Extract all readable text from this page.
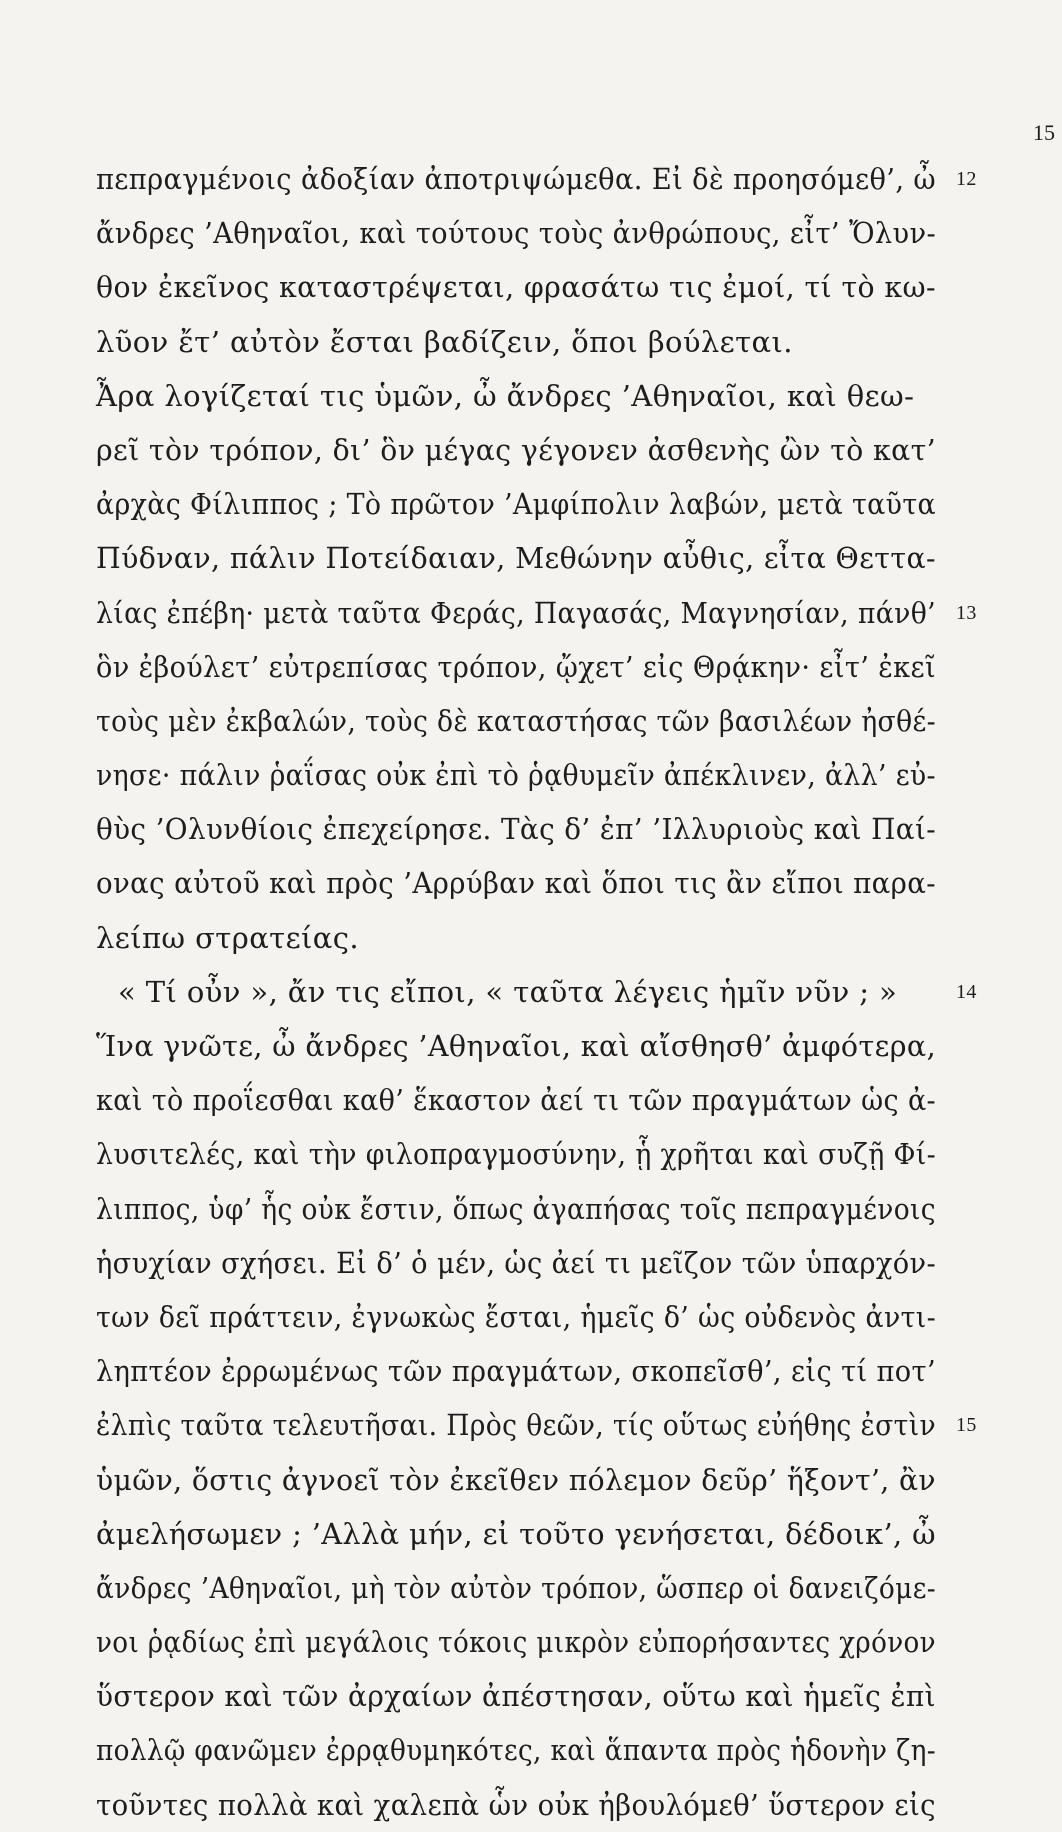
15
πεπραγμένοις ἀδοξίαν ἀποτριψώμεθα. Εἰ δὲ προησόμεθ’, ὦ 12
ἄνδρες ’Αθηναῖοι, καὶ τούτους τοὺς ἀνθρώπους, εἶτ’ Ὄλυν-
θον ἐκεῖνος καταστρέψεται, φρασάτω τις ἐμοί, τί τὸ κω-
λῦον ἔτ’ αὐτὸν ἔσται βαδίζειν, ὅποι βούλεται.
Ἆρα λογίζεταί τις ὑμῶν, ὦ ἄνδρες ’Αθηναῖοι, καὶ θεω-
ρεῖ τὸν τρόπον, δι’ ὃν μέγας γέγονεν ἀσθενὴς ὢν τὸ κατ’
ἀρχὰς Φίλιππος ; Τὸ πρῶτον ’Αμφίπολιν λαβών, μετὰ ταῦτα
Πύδναν, πάλιν Ποτείδαιαν, Μεθώνην αὖθις, εἶτα Θεττα-
λίας ἐπέβη· μετὰ ταῦτα Φεράς, Παγασάς, Μαγνησίαν, πάνθ’ 13
ὃν ἐβούλετ’ εὐτρεπίσας τρόπον, ᾤχετ’ εἰς Θρᾴκην· εἶτ’ ἐκεῖ
τοὺς μὲν ἐκβαλών, τοὺς δὲ καταστήσας τῶν βασιλέων ἠσθέ-
νησε· πάλιν ῥαΐσας οὐκ ἐπὶ τὸ ῥᾳθυμεῖν ἀπέκλινεν, ἀλλ’ εὐ-
θὺς ’Ολυνθίοις ἐπεχείρησε. Τὰς δ’ ἐπ’ ’Ιλλυριοὺς καὶ Παί-
ονας αὐτοῦ καὶ πρὸς ’Αρρύβαν καὶ ὅποι τις ἂν εἴποι παρα-
λείπω στρατείας.
« Τί οὖν », ἄν τις εἴποι, « ταῦτα λέγεις ἡμῖν νῦν ; »	14
Ἵνα γνῶτε, ὦ ἄνδρες ’Αθηναῖοι, καὶ αἴσθησθ’ ἀμφότερα,
καὶ τὸ προΐεσθαι καθ’ ἕκαστον ἀεί τι τῶν πραγμάτων ὡς ἀ-
λυσιτελές, καὶ τὴν φιλοπραγμοσύνην, ᾗ χρῆται καὶ συζῇ Φί-
λιππος, ὑφ’ ἧς οὐκ ἔστιν, ὅπως ἀγαπήσας τοῖς πεπραγμένοις
ἡσυχίαν σχήσει. Εἰ δ’ ὁ μέν, ὡς ἀεί τι μεῖζον τῶν ὑπαρχόν-
των δεῖ πράττειν, ἐγνωκὼς ἔσται, ἡμεῖς δ’ ὡς οὐδενὸς ἀντι-
ληπτέον ἐρρωμένως τῶν πραγμάτων, σκοπεῖσθ’, εἰς τί ποτ’
ἐλπὶς ταῦτα τελευτῆσαι. Πρὸς θεῶν, τίς οὕτως εὐήθης ἐστὶν 15
ὑμῶν, ὅστις ἀγνοεῖ τὸν ἐκεῖθεν πόλεμον δεῦρ’ ἥξοντ’, ἂν
ἀμελήσωμεν ; ’Αλλὰ μήν, εἰ τοῦτο γενήσεται, δέδοικ’, ὦ
ἄνδρες ’Αθηναῖοι, μὴ τὸν αὐτὸν τρόπον, ὥσπερ οἱ δανειζόμε-
νοι ῥᾳδίως ἐπὶ μεγάλοις τόκοις μικρὸν εὐπορήσαντες χρόνον
ὕστερον καὶ τῶν ἀρχαίων ἀπέστησαν, οὕτω καὶ ἡμεῖς ἐπὶ
πολλῷ φανῶμεν ἐρρᾳθυμηκότες, καὶ ἅπαντα πρὸς ἡδονὴν ζη-
τοῦντες πολλὰ καὶ χαλεπὰ ὧν οὐκ ἠβουλόμεθ’ ὕστερον εἰς
